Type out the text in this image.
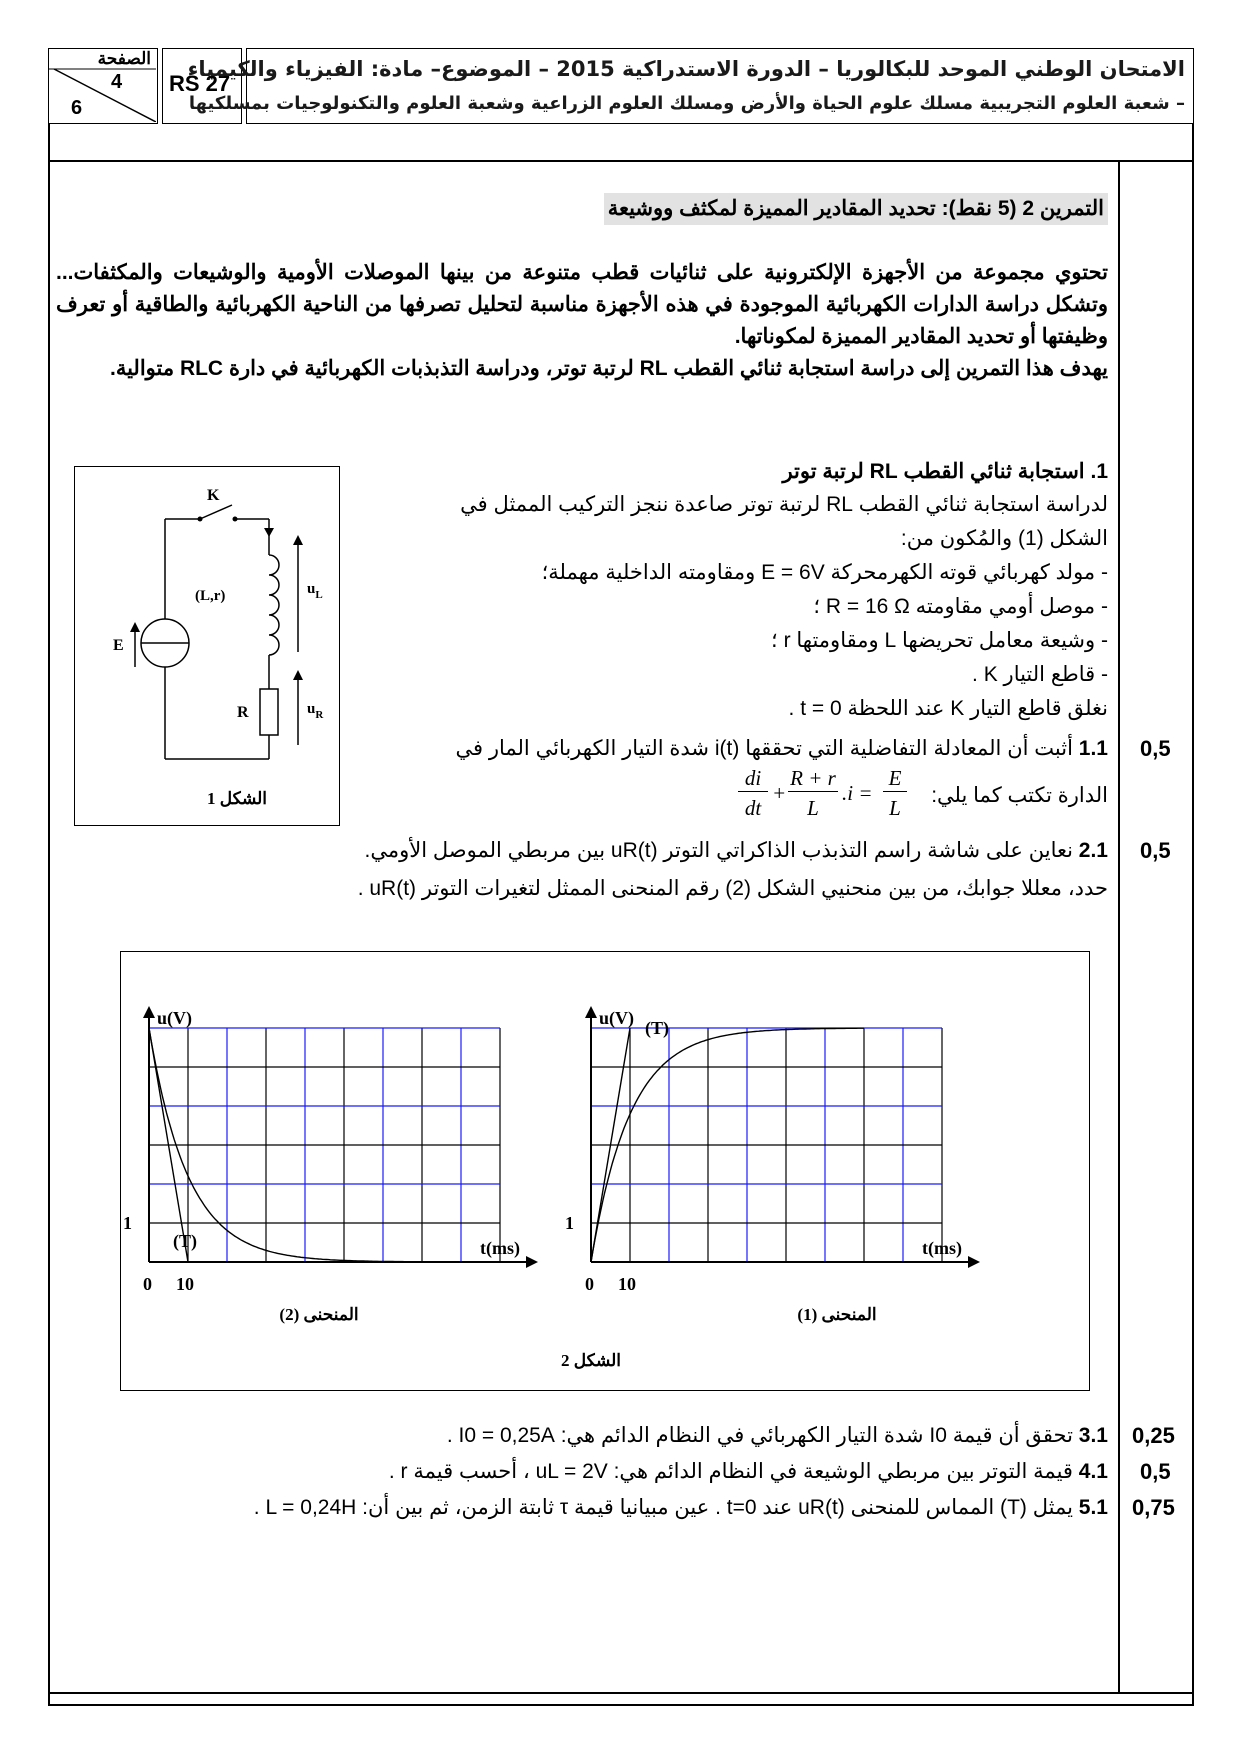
الصفحة
4
6
RS 27
الامتحان الوطني الموحد للبكالوريا – الدورة الاستدراكية 2015 – الموضوع– مادة: الفيزياء والكيمياء
– شعبة العلوم التجريبية مسلك علوم الحياة والأرض ومسلك العلوم الزراعية وشعبة العلوم والتكنولوجيات بمسلكيها
التمرين 2 (5 نقط): تحديد المقادير المميزة لمكثف ووشيعة
تحتوي مجموعة من الأجهزة الإلكترونية على ثنائيات قطب متنوعة من بينها الموصلات الأومية والوشيعات والمكثفات... وتشكل دراسة الدارات الكهربائية الموجودة في هذه الأجهزة مناسبة لتحليل تصرفها من الناحية الكهربائية والطاقية أو تعرف وظيفتها أو تحديد المقادير المميزة لمكوناتها.
يهدف هذا التمرين إلى دراسة استجابة ثنائي القطب RL لرتبة توتر، ودراسة التذبذبات الكهربائية في دارة RLC متوالية.
K
(L,r)	$u_L$
R	$u_R$
E
الشكل 1
1. استجابة ثنائي القطب RL لرتبة توتر
لدراسة استجابة ثنائي القطب RL لرتبة توتر صاعدة ننجز التركيب الممثل في
الشكل (1) والمُكون من:
- مولد كهربائي قوته الكهرمحركة E = 6V ومقاومته الداخلية مهملة؛
- موصل أومي مقاومته R = 16 Ω ؛
- وشيعة معامل تحريضها L ومقاومتها r ؛
- قاطع التيار K .
نغلق قاطع التيار K عند اللحظة t = 0 .
0,5
1.1 أثبت أن المعادلة التفاضلية التي تحققها i(t) شدة التيار الكهربائي المار في
الدارة تكتب كما يلي:
di
dt
+
R + r
L
.i =
E
L
0,5
2.1 نعاين على شاشة راسم التذبذب الذاكراتي التوتر uR(t) بين مربطي الموصل الأومي.
حدد، معللا جوابك، من بين منحنيي الشكل (2) رقم المنحنى الممثل لتغيرات التوتر uR(t) .
u(V)
t(ms)
1
0 10
(T)
u(V)
t(ms)
1
0 10
(T)
المنحنى (2)	المنحنى (1)
الشكل 2
0,25
3.1 تحقق أن قيمة I0 شدة التيار الكهربائي في النظام الدائم هي: I0 = 0,25A .
0,5
4.1 قيمة التوتر بين مربطي الوشيعة في النظام الدائم هي: uL = 2V ، أحسب قيمة r .
0,75
5.1 يمثل (T) المماس للمنحنى uR(t) عند t=0 . عين مبيانيا قيمة τ ثابتة الزمن، ثم بين أن: L = 0,24H .
